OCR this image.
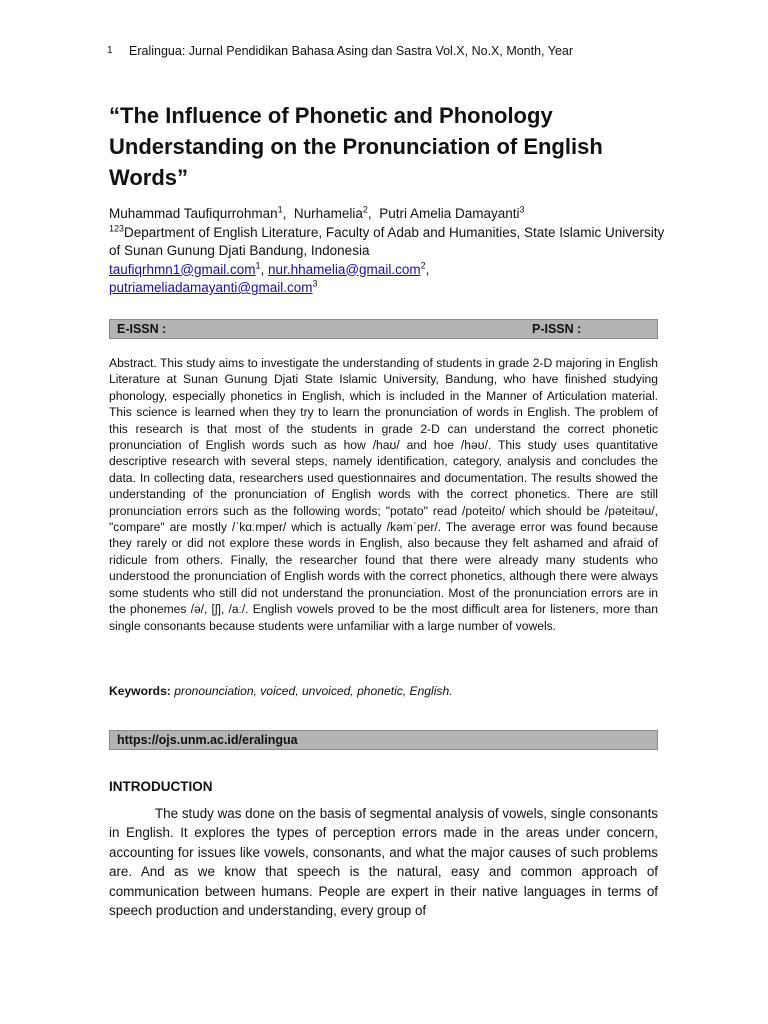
1 Eralingua: Jurnal Pendidikan Bahasa Asing dan Sastra Vol.X, No.X, Month, Year
“The Influence of Phonetic and Phonology Understanding on the Pronunciation of English Words”
Muhammad Taufiqurrohman$^1$,  Nurhamelia$^2$,  Putri Amelia Damayanti$^3$
$^{123}$Department of English Literature, Faculty of Adab and Humanities, State Islamic University of Sunan Gunung Djati Bandung, Indonesia
taufiqrhmn1@gmail.com$^1$, nur.hhamelia@gmail.com$^2$,
putriameliadamayanti@gmail.com$^3$
E-ISSN :	P-ISSN :

Abstract. This study aims to investigate the understanding of students in grade 2-D majoring in English Literature at Sunan Gunung Djati State Islamic University, Bandung, who have finished studying phonology, especially phonetics in English, which is included in the Manner of Articulation material. This science is learned when they try to learn the pronunciation of words in English. The problem of this research is that most of the students in grade 2-D can understand the correct phonetic pronunciation of English words such as how /haʊ/ and hoe /həʊ/. This study uses quantitative descriptive research with several steps, namely identification, category, analysis and concludes the data. In collecting data, researchers used questionnaires and documentation. The results showed the understanding of the pronunciation of English words with the correct phonetics. There are still pronunciation errors such as the following words; "potato" read /poteito/ which should be /pəteitəu/, "compare" are mostly /ˈkɑːmper/ which is actually /kəmˈper/. The average error was found because they rarely or did not explore these words in English, also because they felt ashamed and afraid of ridicule from others. Finally, the researcher found that there were already many students who understood the pronunciation of English words with the correct phonetics, although there were always some students who still did not understand the pronunciation. Most of the pronunciation errors are in the phonemes /ə/, [ʃ], /aː/. English vowels proved to be the most difficult area for listeners, more than single consonants because students were unfamiliar with a large number of vowels.

Keywords: pronounciation, voiced, unvoiced, phonetic, English.

https://ojs.unm.ac.id/eralingua
INTRODUCTION

The study was done on the basis of segmental analysis of vowels, single consonants in English. It explores the types of perception errors made in the areas under concern, accounting for issues like vowels, consonants, and what the major causes of such problems are. And as we know that speech is the natural, easy and common approach of communication between humans. People are expert in their native languages in terms of speech production and understanding, every group of
